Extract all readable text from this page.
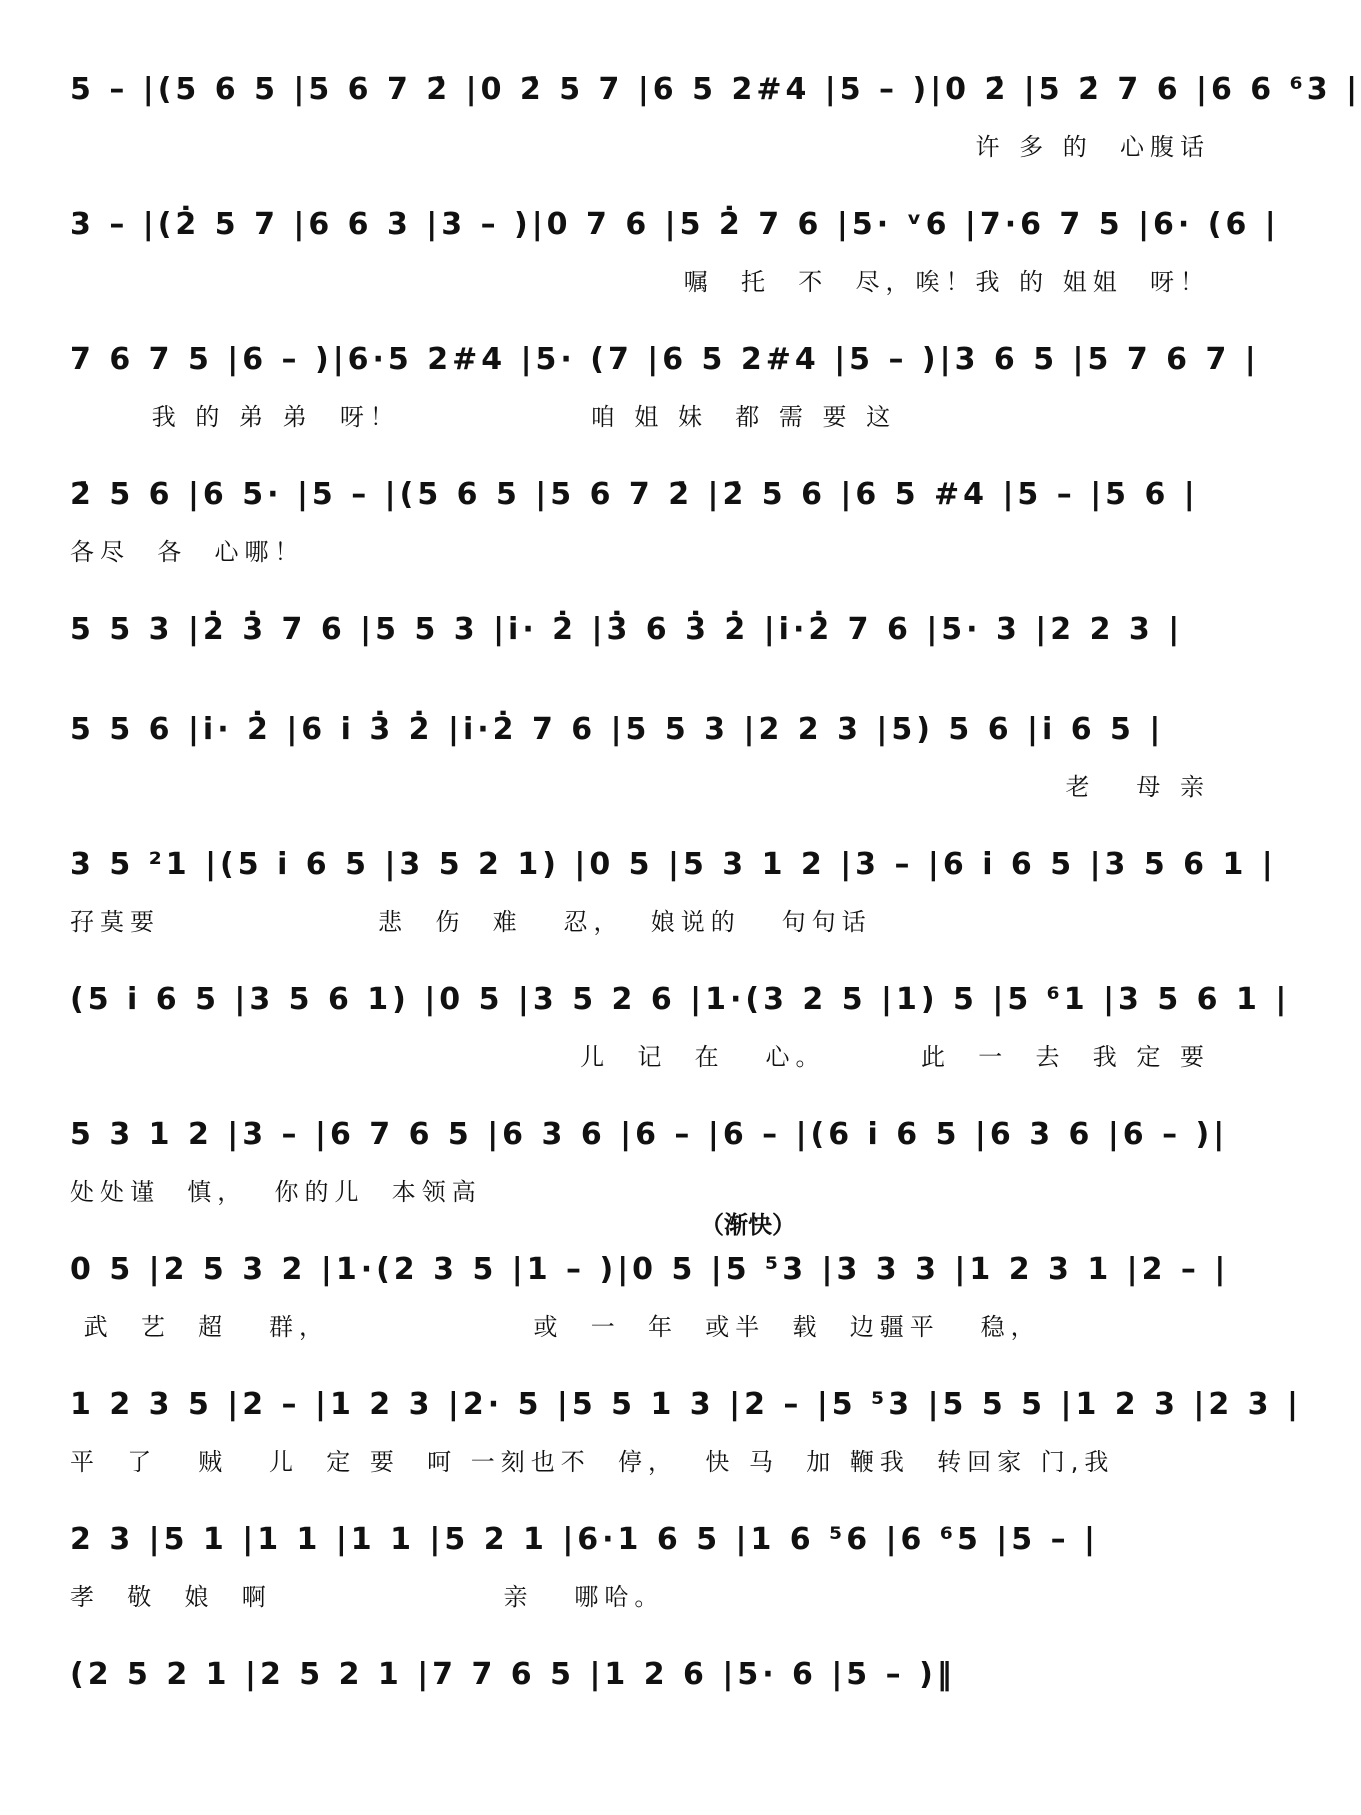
5 – |(5 6 5 |5 6 7 2̇ |0 2̇ 5 7 |6 5 2#4 |5 – )|0 2̇ |5 2̇ 7 6 |6 6 ⁶3 |
许 多 的  心腹话
3 – |(2̇ 5 7 |6 6 3 |3 – )|0 7 6 |5 2̇ 7 6 |5· ᵛ6 |7·6 7 5 |6· (6 |
嘱  托  不  尽，唉！我 的 姐姐  呀！
7 6 7 5 |6 – )|6·5 2#4 |5· (7 |6 5 2#4 |5 – )|3 6 5 |5 7 6 7 |
我 的 弟 弟  呀！              咱 姐 妹  都 需 要 这
2̇ 5 6 |6 5· |5 – |(5 6 5 |5 6 7 2̇ |2̇ 5 6 |6 5 #4 |5 – |5 6 |
各尽  各  心哪！
5 5 3 |2̇ 3̇ 7 6 |5 5 3 |i· 2̇ |3̇ 6 3̇ 2̇ |i·2̇ 7 6 |5· 3 |2 2 3 |
5 5 6 |i· 2̇ |6 i 3̇ 2̇ |i·2̇ 7 6 |5 5 3 |2 2 3 |5) 5 6 |i 6 5 |
老   母 亲
3 5 ²1 |(5 i 6 5 |3 5 2 1) |0 5 |5 3 1 2 |3 – |6 i 6 5 |3 5 6 1 |
孖莫要                悲  伤  难   忍，  娘说的   句句话
(5 i 6 5 |3 5 6 1) |0 5 |3 5 2 6 |1·(3 2 5 |1) 5 |5 ⁶1 |3 5 6 1 |
儿  记  在   心。       此  一  去  我 定 要
5 3 1 2 |3 – |6 7 6 5 |6 3 6 |6 – |6 – |(6 i 6 5 |6 3 6 |6 – )|
处处谨  慎，  你的儿  本领高
（渐快）
0 5 |2 5 3 2 |1·(2 3 5 |1 – )|0 5 |5 ⁵3 |3 3 3 |1 2 3 1 |2 – |
武  艺  超   群，               或  一  年  或半  载  边疆平   稳，
1 2 3 5 |2 – |1 2 3 |2· 5 |5 5 1 3 |2 – |5 ⁵3 |5 5 5 |1 2 3 |2 3 |
平  了   贼   儿  定 要  呵 一刻也不  停，  快 马  加 鞭我  转回家 门,我
2 3 |5 1 |1 1 |1 1 |5 2 1 |6·1 6 5 |1 6 ⁵6 |6 ⁶5 |5 – |
孝  敬  娘  啊                 亲   哪哈。
(2 5 2 1 |2 5 2 1 |7 7 6 5 |1 2 6 |5· 6 |5 – )‖
